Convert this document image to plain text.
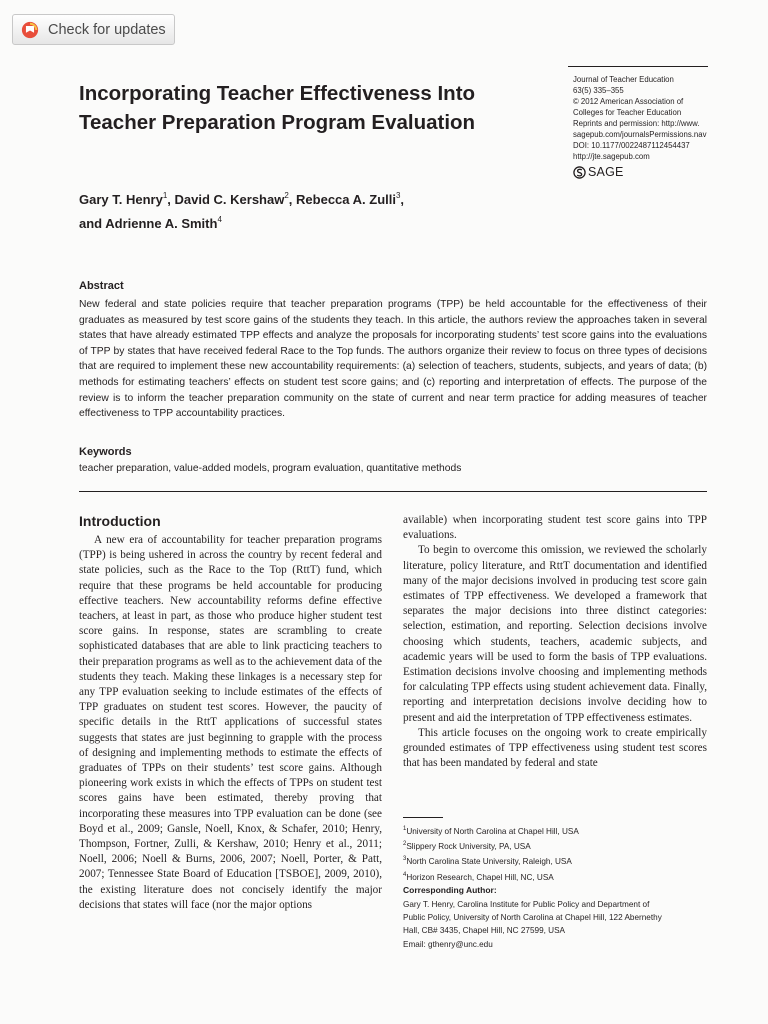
Check for updates
Incorporating Teacher Effectiveness Into Teacher Preparation Program Evaluation
Journal of Teacher Education
63(5) 335–355
© 2012 American Association of
Colleges for Teacher Education
Reprints and permission: http://www.
sagepub.com/journalsPermissions.nav
DOI: 10.1177/0022487112454437
http://jte.sagepub.com
SAGE
Gary T. Henry$^1$, David C. Kershaw$^2$, Rebecca A. Zulli$^3$,
and Adrienne A. Smith$^4$
Abstract
New federal and state policies require that teacher preparation programs (TPP) be held accountable for the effectiveness of their graduates as measured by test score gains of the students they teach. In this article, the authors review the approaches taken in several states that have already estimated TPP effects and analyze the proposals for incorporating students’ test score gains into the evaluations of TPP by states that have received federal Race to the Top funds. The authors organize their review to focus on three types of decisions that are required to implement these new accountability requirements: (a) selection of teachers, students, subjects, and years of data; (b) methods for estimating teachers’ effects on student test score gains; and (c) reporting and interpretation of effects. The purpose of the review is to inform the teacher preparation community on the state of current and near term practice for adding measures of teacher effectiveness to TPP accountability practices.
Keywords
teacher preparation, value-added models, program evaluation, quantitative methods
Introduction

A new era of accountability for teacher preparation programs (TPP) is being ushered in across the country by recent federal and state policies, such as the Race to the Top (RttT) fund, which require that these programs be held accountable for producing effective teachers. New accountability reforms define effective teachers, at least in part, as those who produce higher student test score gains. In response, states are scrambling to create sophisticated databases that are able to link practicing teachers to their preparation programs as well as to the achievement data of the students they teach. Making these linkages is a necessary step for any TPP evaluation seeking to include estimates of the effects of TPP graduates on student test scores. However, the paucity of specific details in the RttT applications of successful states suggests that states are just beginning to grapple with the process of designing and implementing methods to estimate the effects of graduates of TPPs on their students’ test score gains. Although pioneering work exists in which the effects of TPPs on student test scores gains have been estimated, thereby proving that incorporating these measures into TPP evaluation can be done (see Boyd et al., 2009; Gansle, Noell, Knox, & Schafer, 2010; Henry, Thompson, Fortner, Zulli, & Kershaw, 2010; Henry et al., 2011; Noell, 2006; Noell & Burns, 2006, 2007; Noell, Porter, & Patt, 2007; Tennessee State Board of Education [TSBOE], 2009, 2010), the existing literature does not concisely identify the major decisions that states will face (nor the major options

available) when incorporating student test score gains into TPP evaluations.

To begin to overcome this omission, we reviewed the scholarly literature, policy literature, and RttT documentation and identified many of the major decisions involved in producing test score gain estimates of TPP effectiveness. We developed a framework that separates the major decisions into three distinct categories: selection, estimation, and reporting. Selection decisions involve choosing which students, teachers, academic subjects, and academic years will be used to form the basis of TPP evaluations. Estimation decisions involve choosing and implementing methods for calculating TPP effects using student achievement data. Finally, reporting and interpretation decisions involve deciding how to present and aid the interpretation of TPP effectiveness estimates.

This article focuses on the ongoing work to create empirically grounded estimates of TPP effectiveness using student test scores that has been mandated by federal and state

$^1$University of North Carolina at Chapel Hill, USA
$^2$Slippery Rock University, PA, USA
$^3$North Carolina State University, Raleigh, USA
$^4$Horizon Research, Chapel Hill, NC, USA
Corresponding Author:
Gary T. Henry, Carolina Institute for Public Policy and Department of
Public Policy, University of North Carolina at Chapel Hill, 122 Abernethy
Hall, CB# 3435, Chapel Hill, NC 27599, USA
Email: gthenry@unc.edu
